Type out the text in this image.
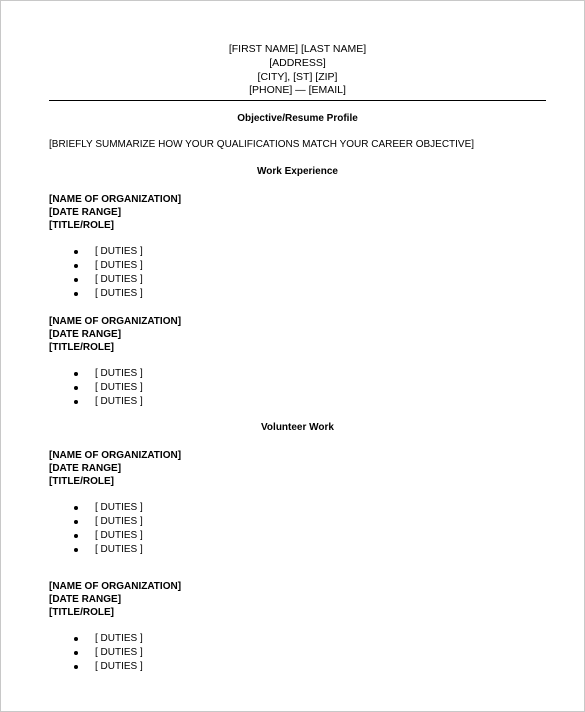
[FIRST NAME] [LAST NAME]
[ADDRESS]
[CITY], [ST] [ZIP]
[PHONE] — [EMAIL]
Objective/Resume Profile
[BRIEFLY SUMMARIZE HOW YOUR QUALIFICATIONS MATCH YOUR CAREER OBJECTIVE]
Work Experience
[NAME OF ORGANIZATION]
[DATE RANGE]
[TITLE/ROLE]
[ DUTIES ]
[ DUTIES ]
[ DUTIES ]
[ DUTIES ]
[NAME OF ORGANIZATION]
[DATE RANGE]
[TITLE/ROLE]
[ DUTIES ]
[ DUTIES ]
[ DUTIES ]
Volunteer Work
[NAME OF ORGANIZATION]
[DATE RANGE]
[TITLE/ROLE]
[ DUTIES ]
[ DUTIES ]
[ DUTIES ]
[ DUTIES ]
[NAME OF ORGANIZATION]
[DATE RANGE]
[TITLE/ROLE]
[ DUTIES ]
[ DUTIES ]
[ DUTIES ]
